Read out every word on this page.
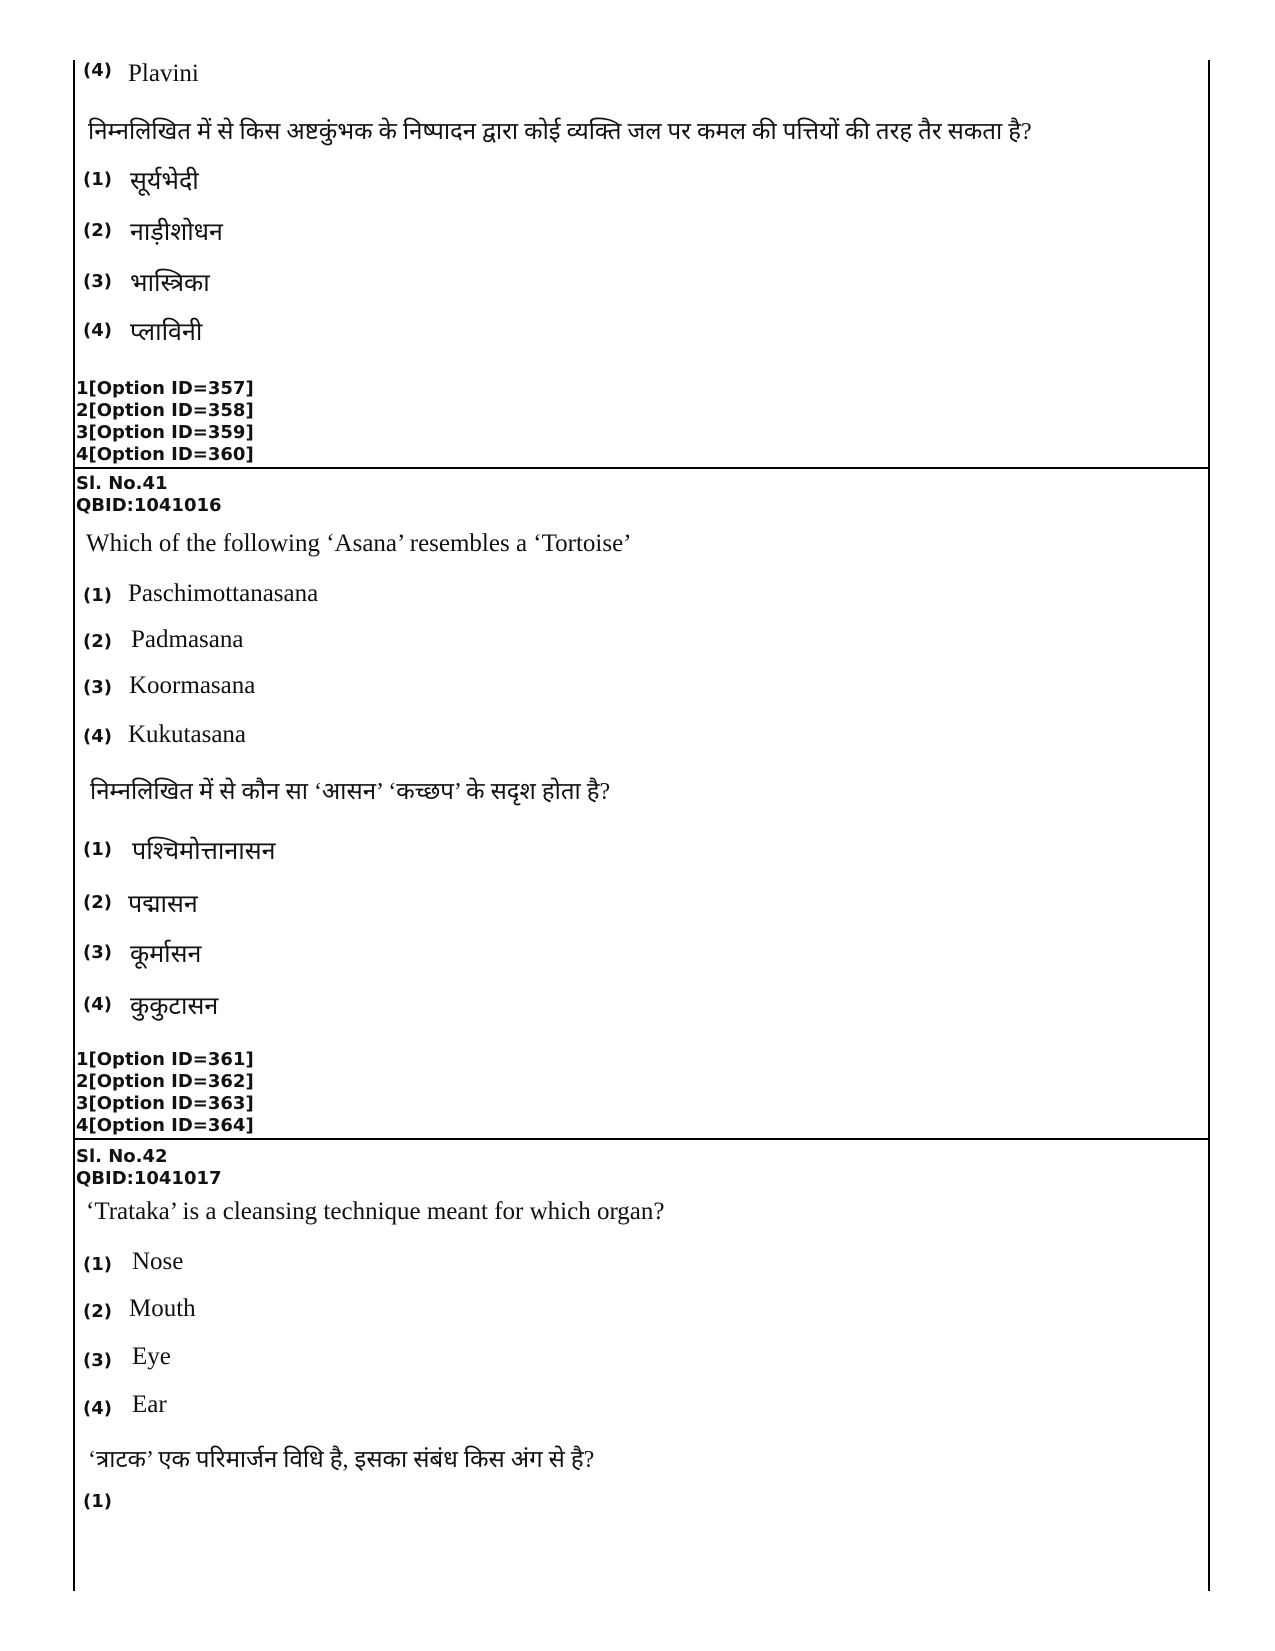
(4) Plavini
निम्नलिखित में से किस अष्टकुंभक के निष्पादन द्वारा कोई व्यक्ति जल पर कमल की पत्तियों की तरह तैर सकता है?
(1) सूर्यभेदी
(2) नाड़ीशोधन
(3) भास्त्रिका
(4) प्लाविनी
1[Option ID=357]
2[Option ID=358]
3[Option ID=359]
4[Option ID=360]
Sl. No.41
QBID:1041016
Which of the following ‘Asana’ resembles a ‘Tortoise’
(1) Paschimottanasana
(2) Padmasana
(3) Koormasana
(4) Kukutasana
निम्नलिखित में से कौन सा ‘आसन’ ‘कच्छप’ के सदृश होता है?
(1) पश्चिमोत्तानासन
(2) पद्मासन
(3) कूर्मासन
(4) कुकुटासन
1[Option ID=361]
2[Option ID=362]
3[Option ID=363]
4[Option ID=364]
Sl. No.42
QBID:1041017
‘Trataka’ is a cleansing technique meant for which organ?
(1) Nose
(2) Mouth
(3) Eye
(4) Ear
‘त्राटक’ एक परिमार्जन विधि है, इसका संबंध किस अंग से है?
(1)
